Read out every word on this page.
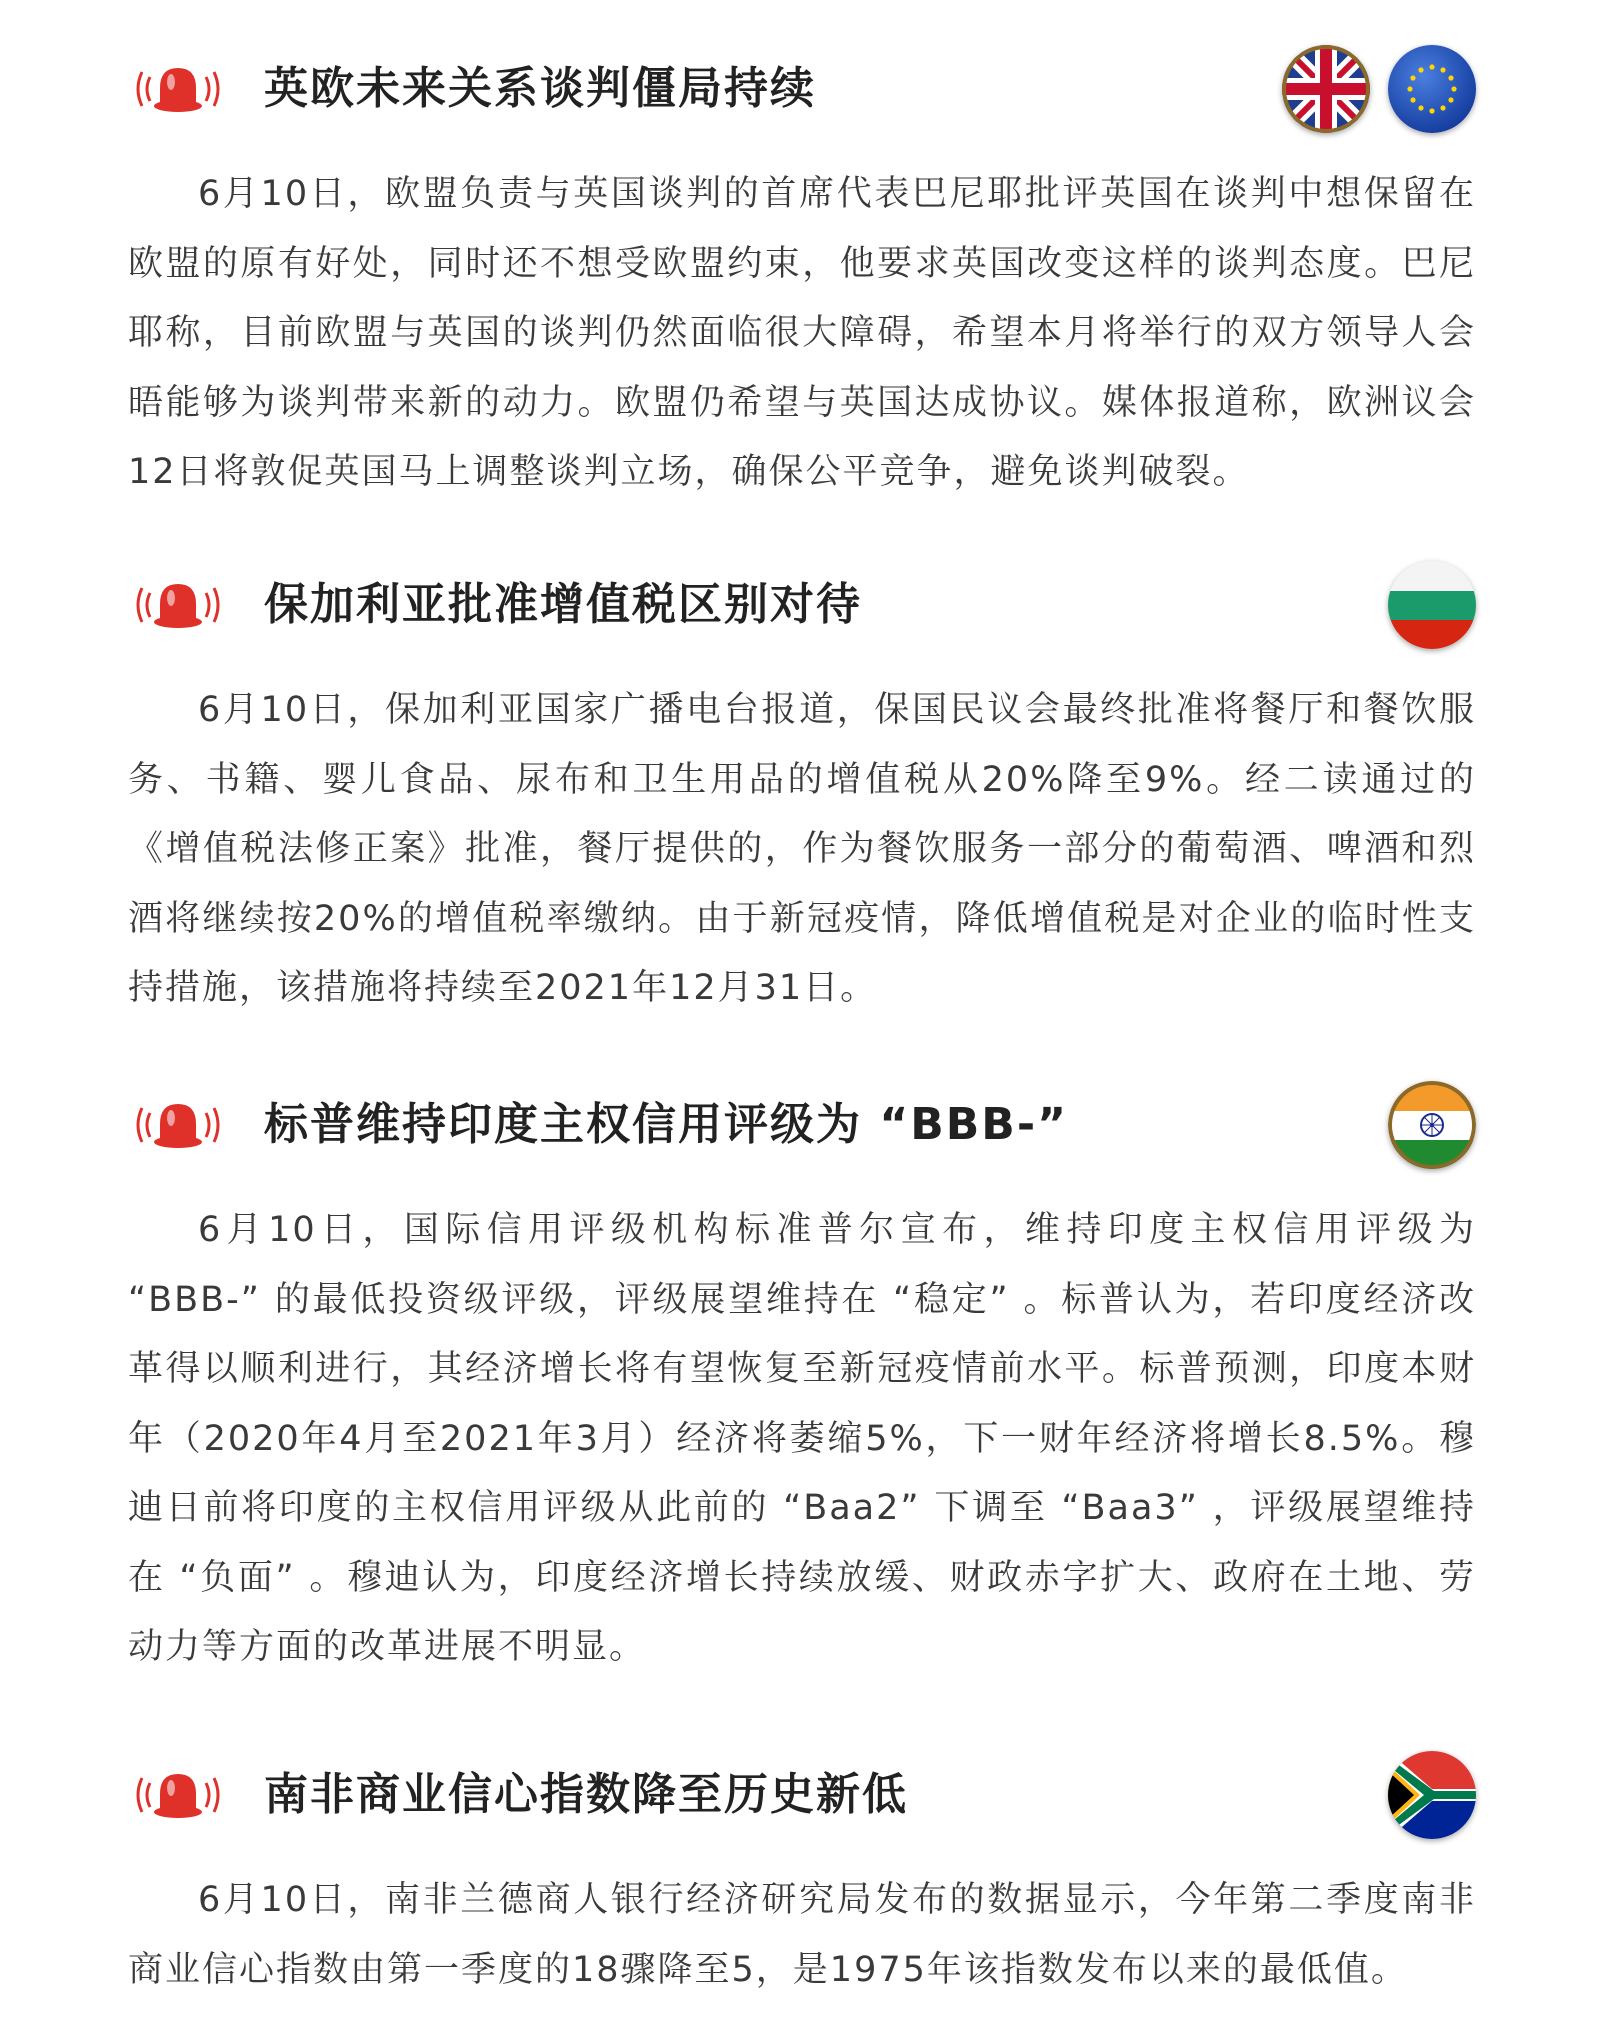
英欧未来关系谈判僵局持续

6月10日，欧盟负责与英国谈判的首席代表巴尼耶批评英国在谈判中想保留在欧盟的原有好处，同时还不想受欧盟约束，他要求英国改变这样的谈判态度。巴尼耶称，目前欧盟与英国的谈判仍然面临很大障碍，希望本月将举行的双方领导人会晤能够为谈判带来新的动力。欧盟仍希望与英国达成协议。媒体报道称，欧洲议会12日将敦促英国马上调整谈判立场，确保公平竞争，避免谈判破裂。

保加利亚批准增值税区别对待

6月10日，保加利亚国家广播电台报道，保国民议会最终批准将餐厅和餐饮服务、书籍、婴儿食品、尿布和卫生用品的增值税从20%降至9%。经二读通过的《增值税法修正案》批准，餐厅提供的，作为餐饮服务一部分的葡萄酒、啤酒和烈酒将继续按20%的增值税率缴纳。由于新冠疫情，降低增值税是对企业的临时性支持措施，该措施将持续至2021年12月31日。

标普维持印度主权信用评级为 “BBB-”

6月10日，国际信用评级机构标准普尔宣布，维持印度主权信用评级为 “BBB-” 的最低投资级评级，评级展望维持在 “稳定” 。标普认为，若印度经济改革得以顺利进行，其经济增长将有望恢复至新冠疫情前水平。标普预测，印度本财年（2020年4月至2021年3月）经济将萎缩5%，下一财年经济将增长8.5%。穆迪日前将印度的主权信用评级从此前的 “Baa2” 下调至 “Baa3” ，评级展望维持在 “负面” 。穆迪认为，印度经济增长持续放缓、财政赤字扩大、政府在土地、劳动力等方面的改革进展不明显。

南非商业信心指数降至历史新低

6月10日，南非兰德商人银行经济研究局发布的数据显示，今年第二季度南非商业信心指数由第一季度的18骤降至5，是1975年该指数发布以来的最低值。
